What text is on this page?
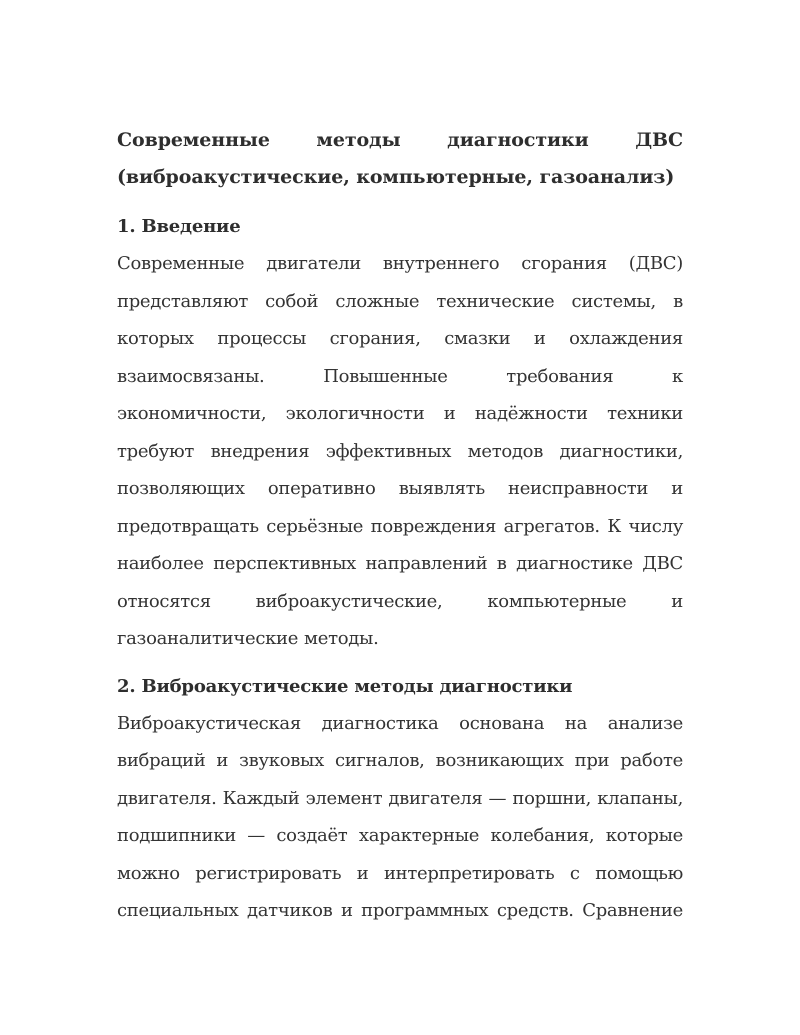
Современные методы диагностики ДВС
(виброакустические, компьютерные, газоанализ)
1. Введение

Современные двигатели внутреннего сгорания (ДВС)
представляют собой сложные технические системы, в
которых процессы сгорания, смазки и охлаждения
взаимосвязаны. Повышенные требования к
экономичности, экологичности и надёжности техники
требуют внедрения эффективных методов диагностики,
позволяющих оперативно выявлять неисправности и
предотвращать серьёзные повреждения агрегатов. К числу
наиболее перспективных направлений в диагностике ДВС
относятся виброакустические, компьютерные и
газоаналитические методы.

2. Виброакустические методы диагностики

Виброакустическая диагностика основана на анализе
вибраций и звуковых сигналов, возникающих при работе
двигателя. Каждый элемент двигателя — поршни, клапаны,
подшипники — создаёт характерные колебания, которые
можно регистрировать и интерпретировать с помощью
специальных датчиков и программных средств. Сравнение
